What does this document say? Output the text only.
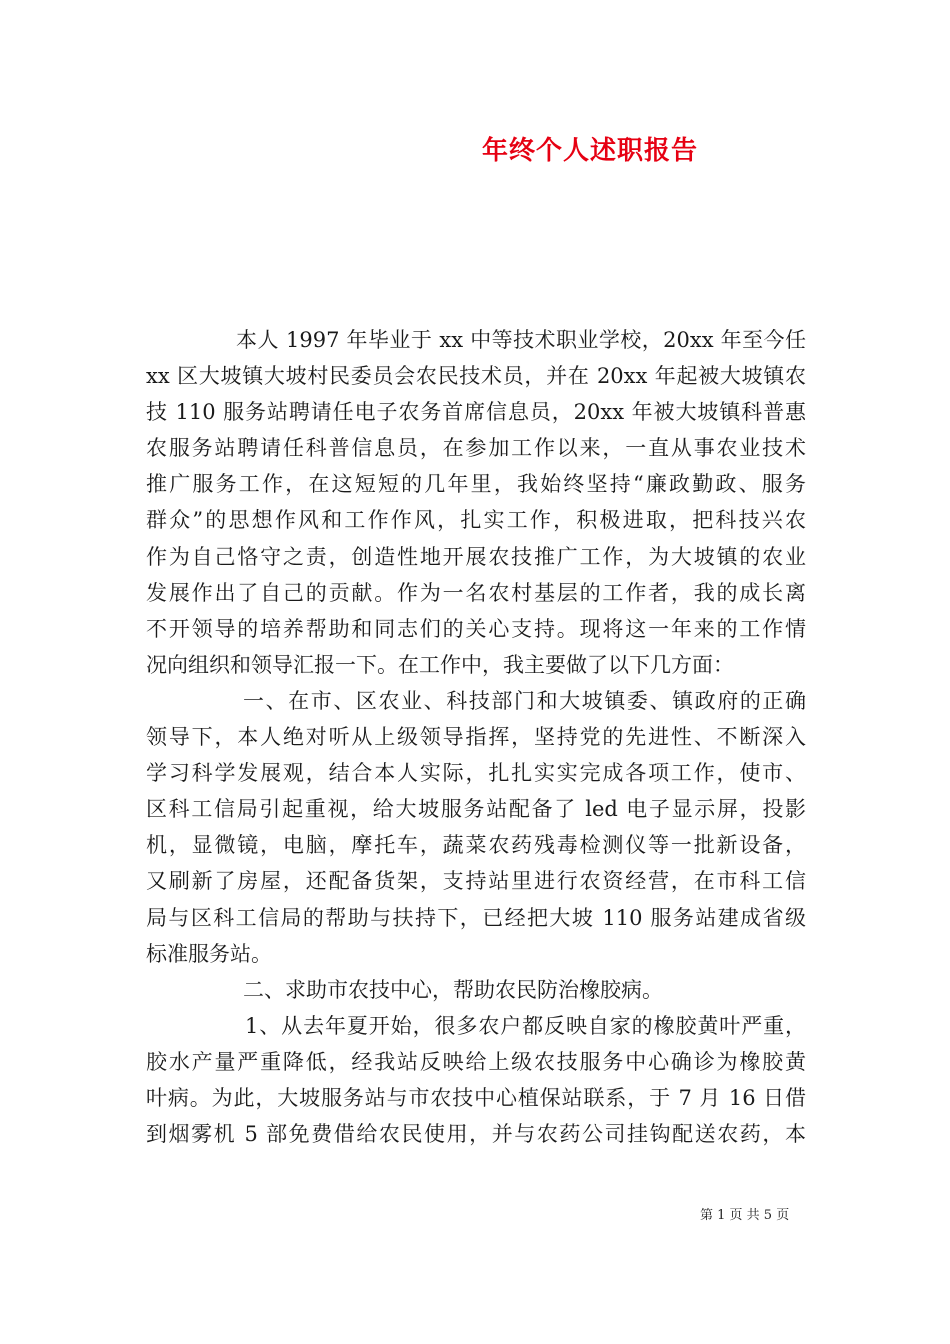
年终个人述职报告
本人 1997 年毕业于 xx 中等技术职业学校，20xx 年至今任
xx 区大坡镇大坡村民委员会农民技术员，并在 20xx 年起被大坡镇农
技 110 服务站聘请任电子农务首席信息员，20xx 年被大坡镇科普惠
农服务站聘请任科普信息员，在参加工作以来，一直从事农业技术
推广服务工作，在这短短的几年里，我始终坚持“廉政勤政、服务
群众”的思想作风和工作作风，扎实工作，积极进取，把科技兴农
作为自己恪守之责，创造性地开展农技推广工作，为大坡镇的农业
发展作出了自己的贡献。作为一名农村基层的工作者，我的成长离
不开领导的培养帮助和同志们的关心支持。现将这一年来的工作情
况向组织和领导汇报一下。在工作中，我主要做了以下几方面：
一、在市、区农业、科技部门和大坡镇委、镇政府的正确
领导下，本人绝对听从上级领导指挥，坚持党的先进性、不断深入
学习科学发展观，结合本人实际，扎扎实实完成各项工作，使市、
区科工信局引起重视，给大坡服务站配备了 led 电子显示屏，投影
机，显微镜，电脑，摩托车，蔬菜农药残毒检测仪等一批新设备，
又刷新了房屋，还配备货架，支持站里进行农资经营，在市科工信
局与区科工信局的帮助与扶持下，已经把大坡 110 服务站建成省级
标准服务站。
二、求助市农技中心，帮助农民防治橡胶病。
1、从去年夏开始，很多农户都反映自家的橡胶黄叶严重，
胶水产量严重降低，经我站反映给上级农技服务中心确诊为橡胶黄
叶病。为此，大坡服务站与市农技中心植保站联系，于 7 月 16 日借
到烟雾机 5 部免费借给农民使用，并与农药公司挂钩配送农药，本
第 1 页 共 5 页
